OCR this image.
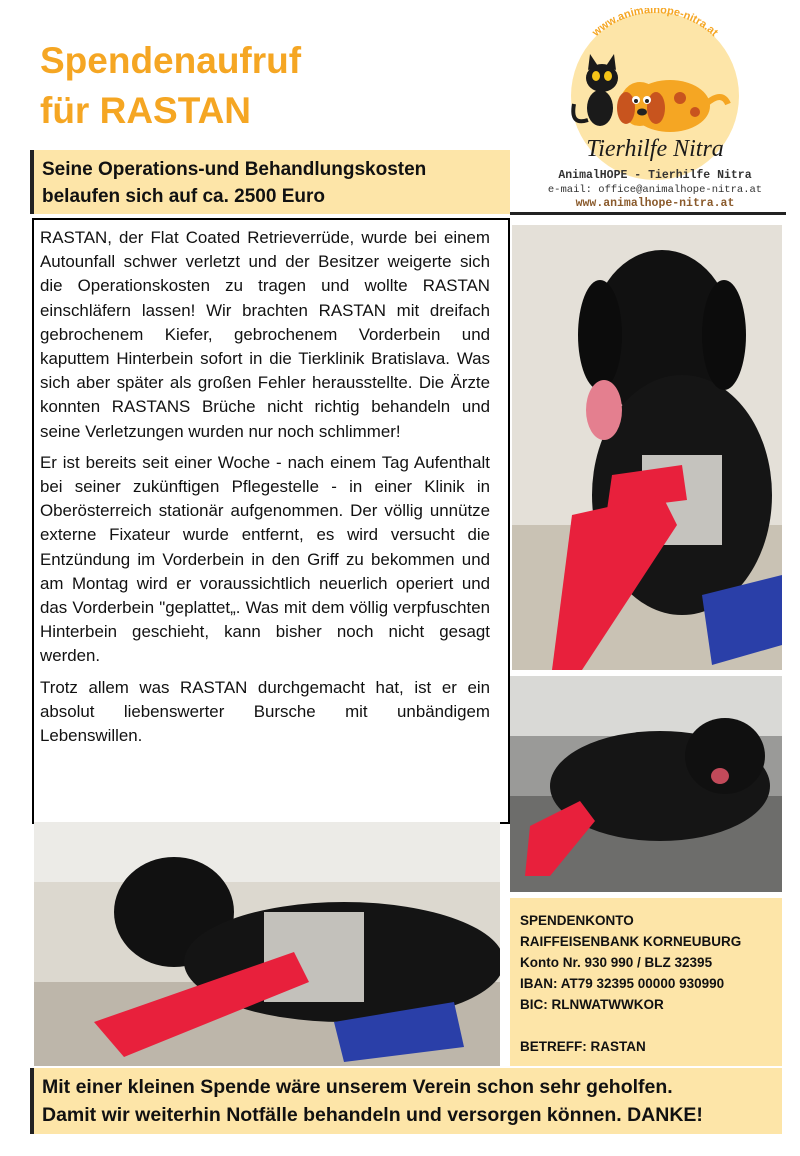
Spendenaufruf
für RASTAN
Seine Operations-und Behandlungskosten
belaufen sich auf ca. 2500 Euro
www.animalhope-nitra.at
Tierhilfe Nitra
AnimalHOPE - Tierhilfe Nitra
e-mail: office@animalhope-nitra.at
www.animalhope-nitra.at

RASTAN, der Flat Coated Retrieverrüde, wurde bei einem Autounfall schwer verletzt und der Besitzer weigerte sich die Operationskosten zu tragen und wollte RASTAN einschläfern lassen! Wir brachten RASTAN mit dreifach gebrochenem Kiefer, gebrochenem Vorderbein und kaputtem Hinterbein sofort in die Tierklinik Bratislava. Was sich aber später als großen Fehler herausstellte. Die Ärzte konnten RASTANS Brüche nicht richtig behandeln und seine Verletzungen wurden nur noch schlimmer!

Er ist bereits seit einer Woche - nach einem Tag Aufenthalt bei seiner zukünftigen Pflegestelle - in einer Klinik in Oberösterreich stationär aufgenommen. Der völlig unnütze externe Fixateur wurde entfernt, es wird versucht die Entzündung im Vorderbein in den Griff zu bekommen und am Montag wird er voraussichtlich neuerlich operiert und das Vorderbein "geplattet„. Was mit dem völlig verpfuschten Hinterbein geschieht, kann bisher noch nicht gesagt werden.

Trotz allem was RASTAN durchgemacht hat, ist er ein absolut liebenswerter Bursche mit unbändigem Lebenswillen.

SPENDENKONTO
RAIFFEISENBANK KORNEUBURG
Konto Nr. 930 990 / BLZ 32395
IBAN: AT79 32395 00000 930990
BIC: RLNWATWWKOR
BETREFF: RASTAN
Mit einer kleinen Spende wäre unserem Verein schon sehr geholfen.
Damit wir weiterhin Notfälle behandeln und versorgen können. DANKE!
